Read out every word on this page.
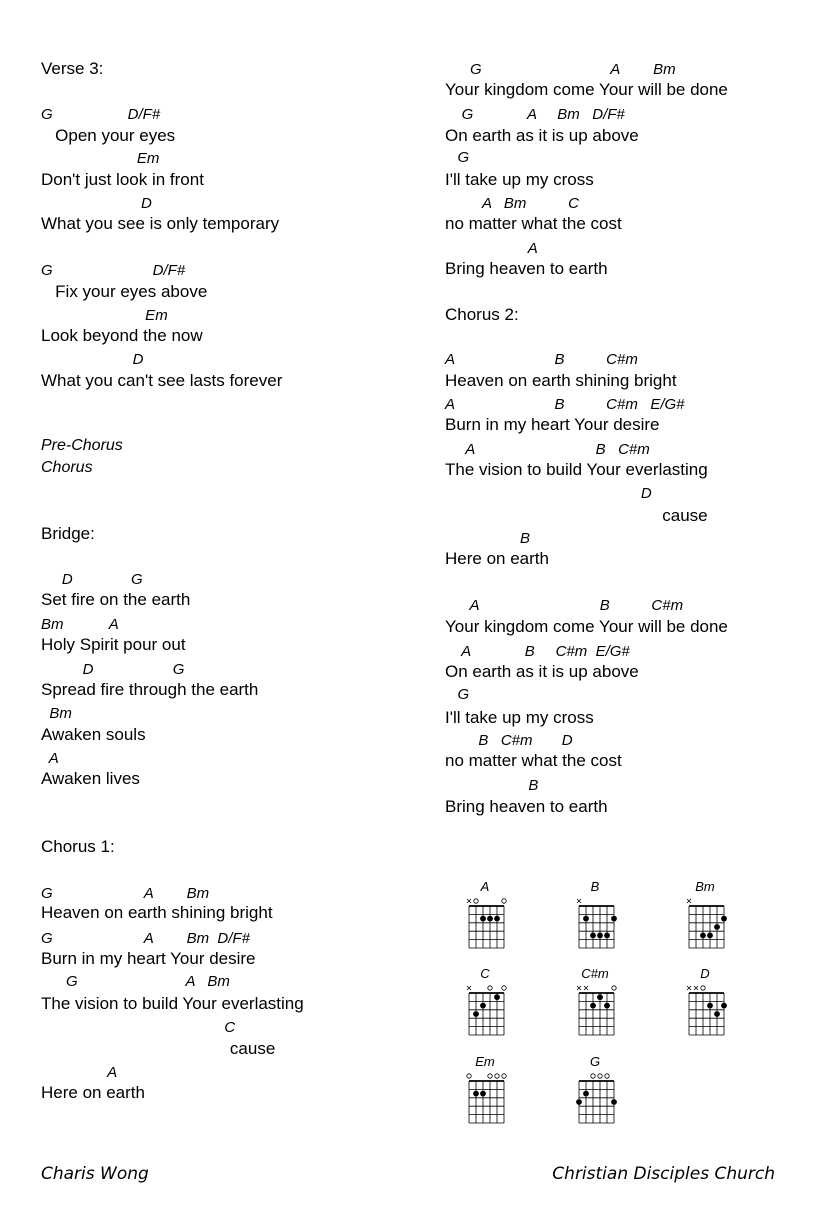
Verse 3:
G                  D/F#
Open your eyes
Em
Don't just look in front
D
What you see is only temporary
G                        D/F#
Fix your eyes above
Em
Look beyond the now
D
What you can't see lasts forever
Pre-Chorus
Chorus
Bridge:
D              G
Set fire on the earth
Bm           A
Holy Spirit pour out
D                   G
Spread fire through the earth
Bm
Awaken souls
A
Awaken lives
Chorus 1:
G                      A        Bm
Heaven on earth shining bright
G                      A        Bm  D/F#
Burn in my heart Your desire
G                          A   Bm
The vision to build Your everlasting
C
cause
A
Here on earth
G                               A        Bm
Your kingdom come Your will be done
G             A     Bm   D/F#
On earth as it is up above
G
I'll take up my cross
A   Bm          C
no matter what the cost
A
Bring heaven to earth
Chorus 2:
A                        B          C#m
Heaven on earth shining bright
A                        B          C#m   E/G#
Burn in my heart Your desire
A                             B   C#m
The vision to build Your everlasting
D
cause
B
Here on earth
A                             B          C#m
Your kingdom come Your will be done
A             B     C#m  E/G#
On earth as it is up above
G
I'll take up my cross
B   C#m       D
no matter what the cost
B
Bring heaven to earth
A	B	Bm
C	C#m	D
Em	G
Charis Wong	Christian Disciples Church
